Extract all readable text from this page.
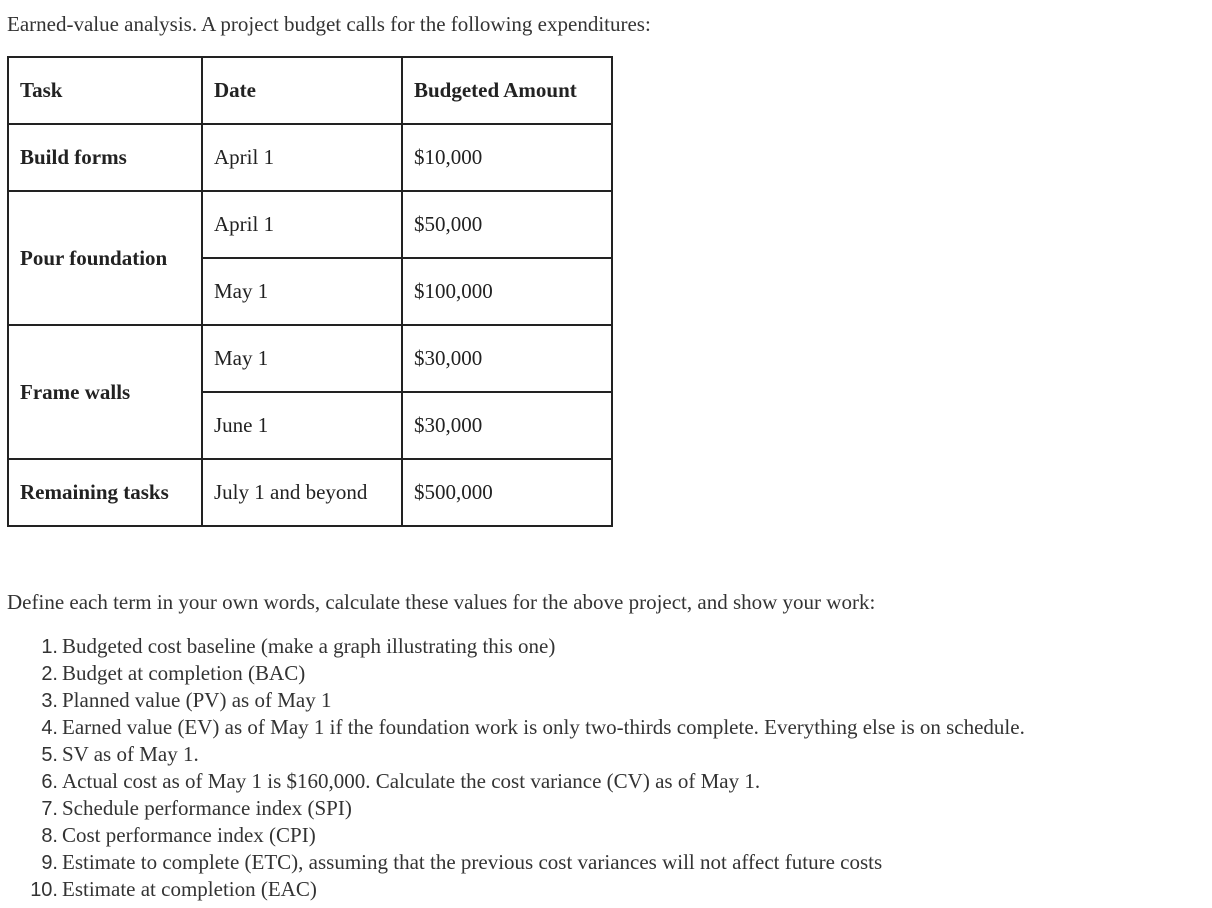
Earned-value analysis. A project budget calls for the following expenditures:

Task	Date	Budgeted Amount
Build forms	April 1	$10,000
Pour foundation	April 1	$50,000
	May 1	$100,000
Frame walls	May 1	$30,000
	June 1	$30,000
Remaining tasks	July 1 and beyond	$500,000

Define each term in your own words, calculate these values for the above project, and show your work:

1. Budgeted cost baseline (make a graph illustrating this one)
2. Budget at completion (BAC)
3. Planned value (PV) as of May 1
4. Earned value (EV) as of May 1 if the foundation work is only two-thirds complete. Everything else is on schedule.
5. SV as of May 1.
6. Actual cost as of May 1 is $160,000. Calculate the cost variance (CV) as of May 1.
7. Schedule performance index (SPI)
8. Cost performance index (CPI)
9. Estimate to complete (ETC), assuming that the previous cost variances will not affect future costs
10. Estimate at completion (EAC)
